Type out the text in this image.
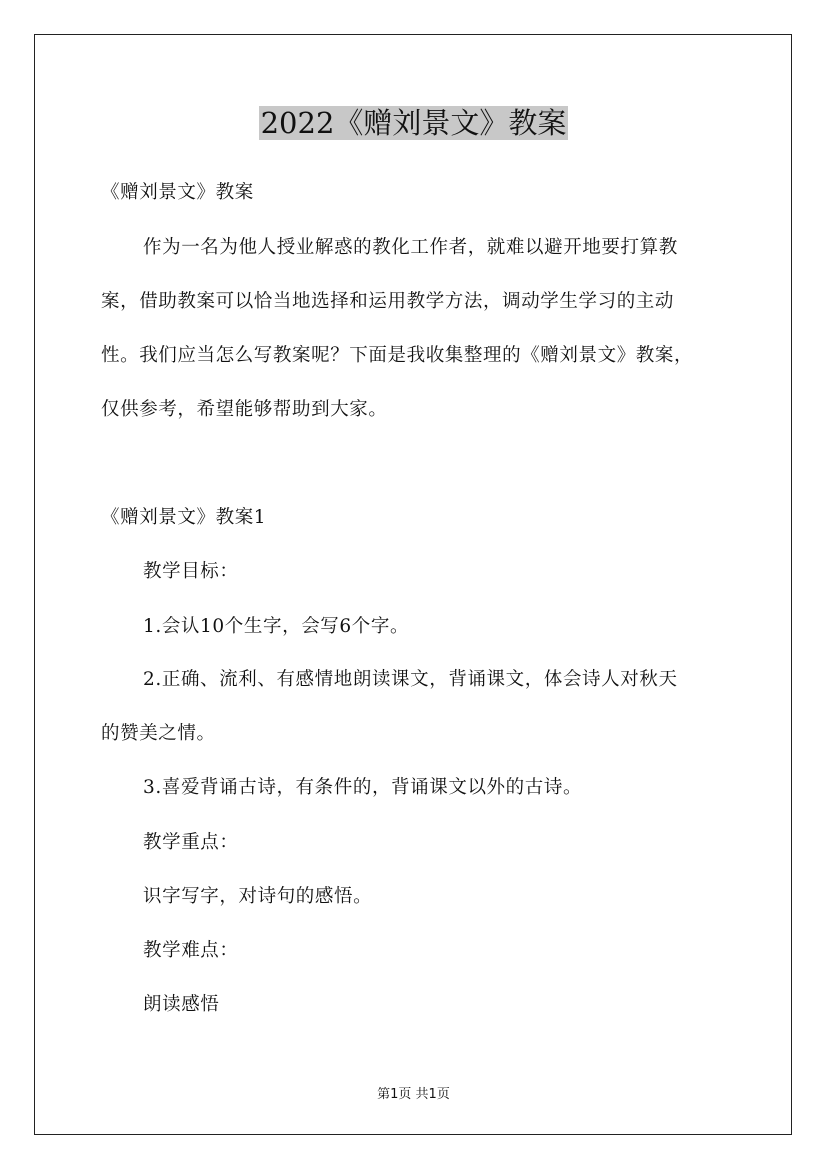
2022《赠刘景文》教案
《赠刘景文》教案
作为一名为他人授业解惑的教化工作者，就难以避开地要打算教
案，借助教案可以恰当地选择和运用教学方法，调动学生学习的主动
性。我们应当怎么写教案呢？下面是我收集整理的《赠刘景文》教案，
仅供参考，希望能够帮助到大家。
《赠刘景文》教案1
教学目标：
1.会认10个生字，会写6个字。
2.正确、流利、有感情地朗读课文，背诵课文，体会诗人对秋天
的赞美之情。
3.喜爱背诵古诗，有条件的，背诵课文以外的古诗。
教学重点：
识字写字，对诗句的感悟。
教学难点：
朗读感悟
第1页 共1页
